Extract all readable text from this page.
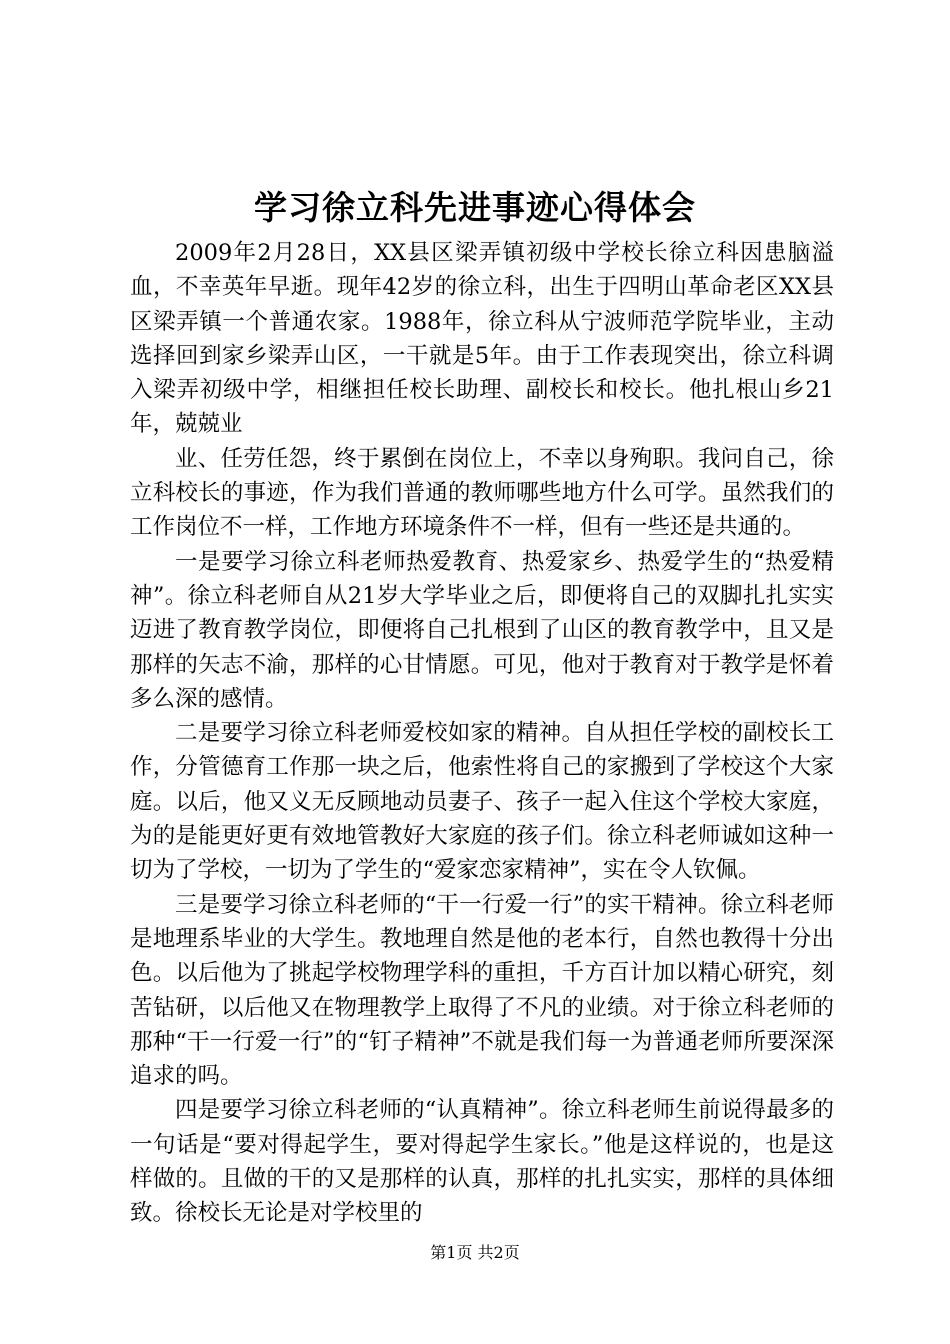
学习徐立科先进事迹心得体会

2009年2月28日，XX县区梁弄镇初级中学校长徐立科因患脑溢血，不幸英年早逝。现年42岁的徐立科，出生于四明山革命老区XX县区梁弄镇一个普通农家。1988年，徐立科从宁波师范学院毕业，主动选择回到家乡梁弄山区，一干就是5年。由于工作表现突出，徐立科调入梁弄初级中学，相继担任校长助理、副校长和校长。他扎根山乡21年，兢兢业

业、任劳任怨，终于累倒在岗位上，不幸以身殉职。我问自己，徐立科校长的事迹，作为我们普通的教师哪些地方什么可学。虽然我们的工作岗位不一样，工作地方环境条件不一样，但有一些还是共通的。

一是要学习徐立科老师热爱教育、热爱家乡、热爱学生的“热爱精神”。徐立科老师自从21岁大学毕业之后，即便将自己的双脚扎扎实实迈进了教育教学岗位，即便将自己扎根到了山区的教育教学中，且又是那样的矢志不渝，那样的心甘情愿。可见，他对于教育对于教学是怀着多么深的感情。

二是要学习徐立科老师爱校如家的精神。自从担任学校的副校长工作，分管德育工作那一块之后，他索性将自己的家搬到了学校这个大家庭。以后，他又义无反顾地动员妻子、孩子一起入住这个学校大家庭，为的是能更好更有效地管教好大家庭的孩子们。徐立科老师诚如这种一切为了学校，一切为了学生的“爱家恋家精神”，实在令人钦佩。

三是要学习徐立科老师的“干一行爱一行”的实干精神。徐立科老师是地理系毕业的大学生。教地理自然是他的老本行，自然也教得十分出色。以后他为了挑起学校物理学科的重担，千方百计加以精心研究，刻苦钻研，以后他又在物理教学上取得了不凡的业绩。对于徐立科老师的那种“干一行爱一行”的“钉子精神”不就是我们每一为普通老师所要深深追求的吗。

四是要学习徐立科老师的“认真精神”。徐立科老师生前说得最多的一句话是“要对得起学生，要对得起学生家长。”他是这样说的，也是这样做的。且做的干的又是那样的认真，那样的扎扎实实，那样的具体细致。徐校长无论是对学校里的

第1页 共2页
